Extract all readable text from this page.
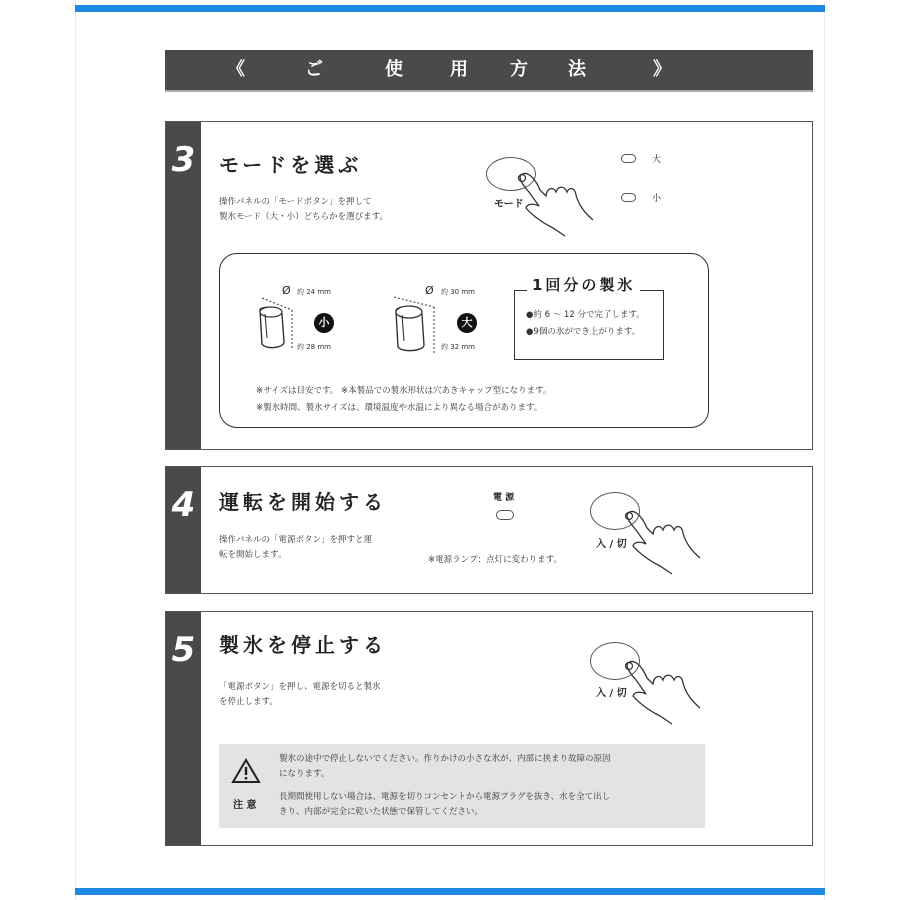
《	ご	使	用 方 法	》
3 モードを選ぶ
操作パネルの「モードボタン」を押して
製氷モード（大・小）どちらかを選びます。
モード
大
小
Ø 約 24 mm
小
約 28 mm
Ø 約 30 mm
大
約 32 mm
1回分の製氷
●約 6 ～ 12 分で完了します。
●9個の氷ができ上がります。
※サイズは目安です。 ※本製品での製氷形状は穴あきキャップ型になります。
※製氷時間、製氷サイズは、環境温度や水温により異なる場合があります。
4 運転を開始する
操作パネルの「電源ボタン」を押すと運
転を開始します。
電 源
※電源ランプ：点灯に変わります。
入 / 切
5 製氷を停止する
「電源ボタン」を押し、電源を切ると製氷
を停止します。
入 / 切
注 意

製氷の途中で停止しないでください。作りかけの小さな氷が、内部に挟まり故障の原因
になります。

長期間使用しない場合は、電源を切りコンセントから電源プラグを抜き、水を全て出し
きり、内部が完全に乾いた状態で保管してください。
